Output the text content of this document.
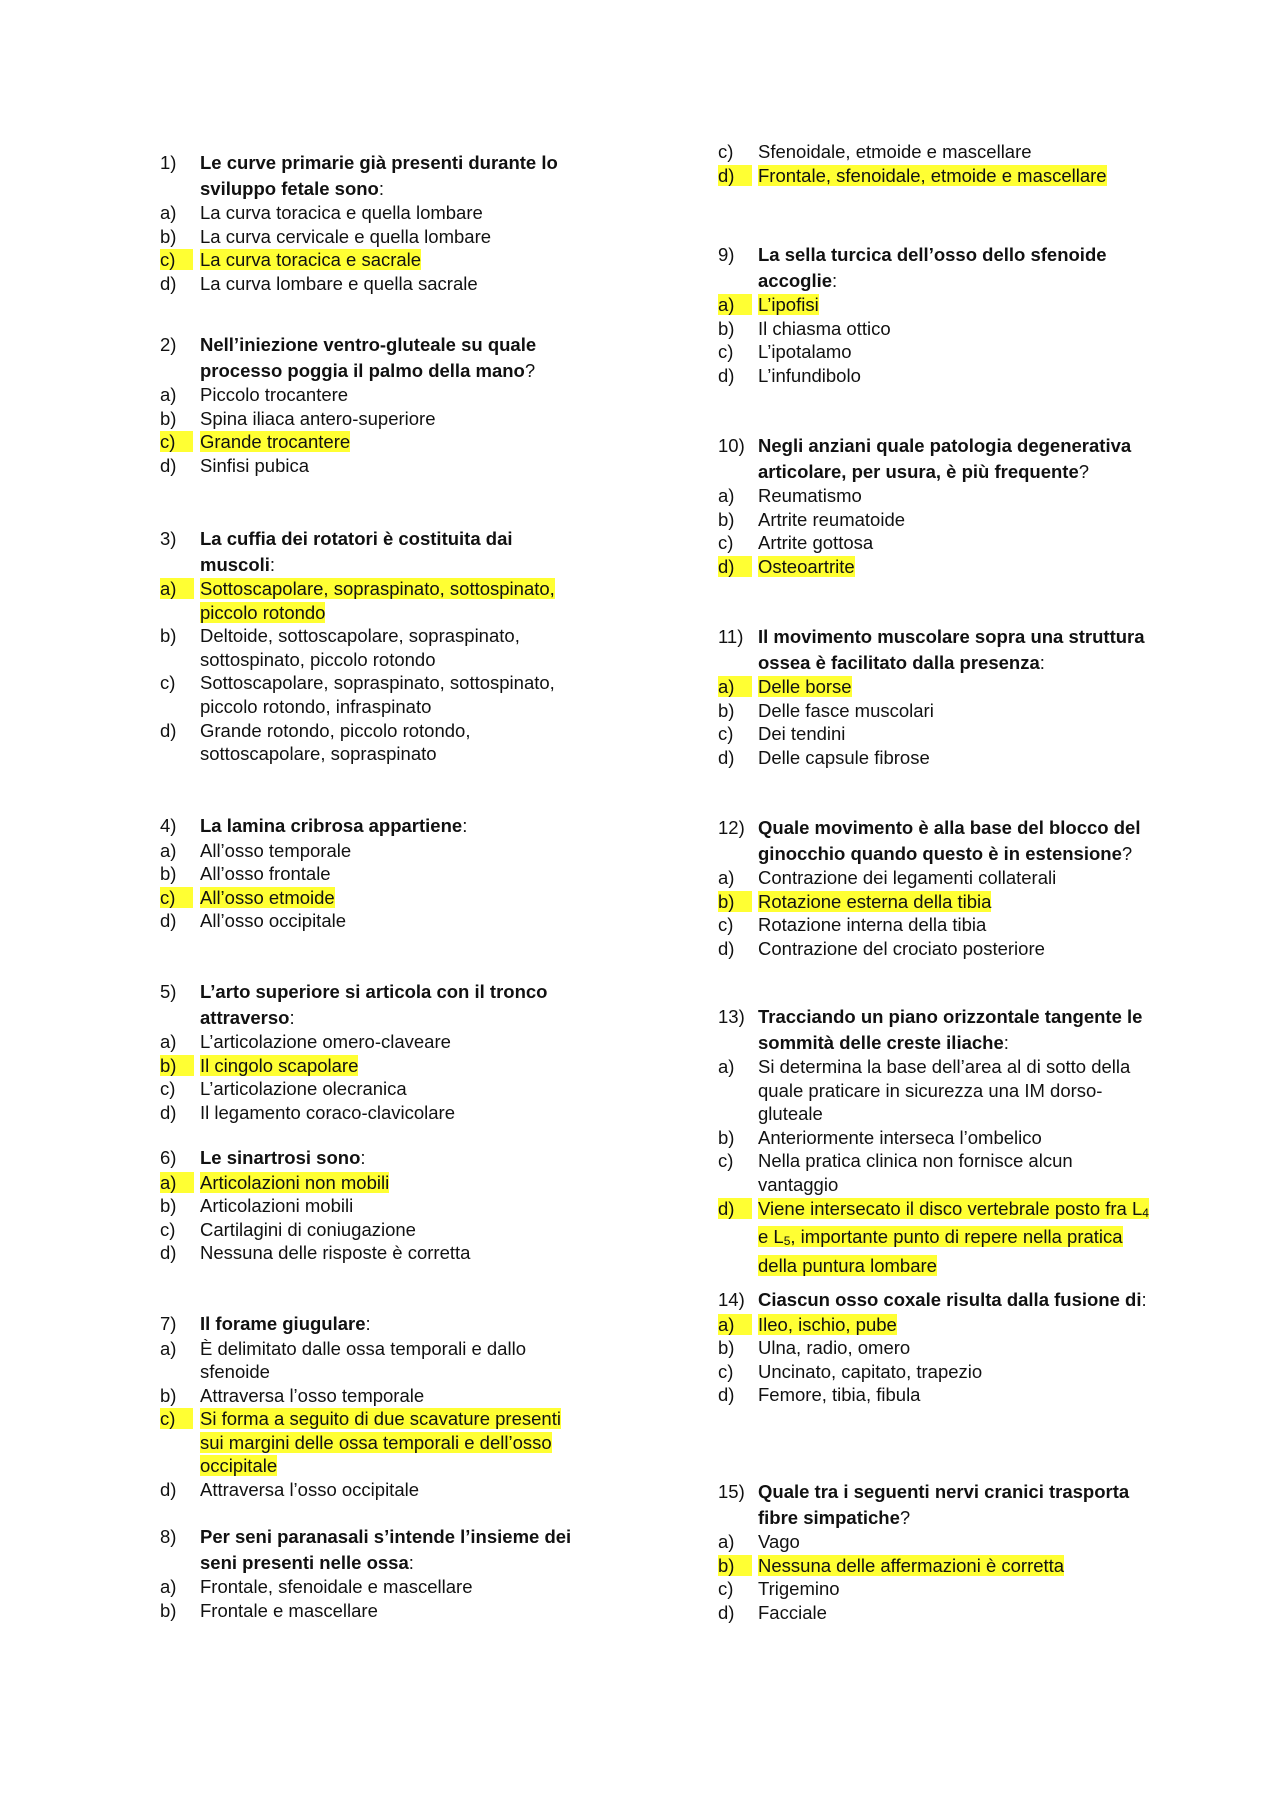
1)	Le curve primarie già presenti durante lo sviluppo fetale sono:
a)	La curva toracica e quella lombare
b)	La curva cervicale e quella lombare
c)	La curva toracica e sacrale
d)	La curva lombare e quella sacrale
2)	Nell’iniezione ventro-gluteale su quale processo poggia il palmo della mano?
a)	Piccolo trocantere
b)	Spina iliaca antero-superiore
c)	Grande trocantere
d)	Sinfisi pubica
3)	La cuffia dei rotatori è costituita dai muscoli:
a)	Sottoscapolare, sopraspinato, sottospinato, piccolo rotondo
b)	Deltoide, sottoscapolare, sopraspinato, sottospinato, piccolo rotondo
c)	Sottoscapolare, sopraspinato, sottospinato, piccolo rotondo, infraspinato
d)	Grande rotondo, piccolo rotondo, sottoscapolare, sopraspinato
4)	La lamina cribrosa appartiene:
a)	All’osso temporale
b)	All’osso frontale
c)	All’osso etmoide
d)	All’osso occipitale
5)	L’arto superiore si articola con il tronco attraverso:
a)	L’articolazione omero-claveare
b)	Il cingolo scapolare
c)	L’articolazione olecranica
d)	Il legamento coraco-clavicolare
6)	Le sinartrosi sono:
a)	Articolazioni non mobili
b)	Articolazioni mobili
c)	Cartilagini di coniugazione
d)	Nessuna delle risposte è corretta
7)	Il forame giugulare:
a)	È delimitato dalle ossa temporali e dallo sfenoide
b)	Attraversa l’osso temporale
c)	Si forma a seguito di due scavature presenti sui margini delle ossa temporali e dell’osso occipitale
d)	Attraversa l’osso occipitale
8)	Per seni paranasali s’intende l’insieme dei seni presenti nelle ossa:
a)	Frontale, sfenoidale e mascellare
b)	Frontale e mascellare
c)	Sfenoidale, etmoide e mascellare
d)	Frontale, sfenoidale, etmoide e mascellare
9)	La sella turcica dell’osso dello sfenoide accoglie:
a)	L’ipofisi
b)	Il chiasma ottico
c)	L’ipotalamo
d)	L’infundibolo
10) Negli anziani quale patologia degenerativa articolare, per usura, è più frequente?
a)	Reumatismo
b)	Artrite reumatoide
c)	Artrite gottosa
d)	Osteoartrite
11) Il movimento muscolare sopra una struttura ossea è facilitato dalla presenza:
a)	Delle borse
b)	Delle fasce muscolari
c)	Dei tendini
d)	Delle capsule fibrose
12) Quale movimento è alla base del blocco del ginocchio quando questo è in estensione?
a)	Contrazione dei legamenti collaterali
b)	Rotazione esterna della tibia
c)	Rotazione interna della tibia
d)	Contrazione del crociato posteriore
13) Tracciando un piano orizzontale tangente le sommità delle creste iliache:
a)	Si determina la base dell’area al di sotto della quale praticare in sicurezza una IM dorso-gluteale
b)	Anteriormente interseca l’ombelico
c)	Nella pratica clinica non fornisce alcun vantaggio
d)	Viene intersecato il disco vertebrale posto fra $L_4$ e $L_5$, importante punto di repere nella pratica della puntura lombare
14) Ciascun osso coxale risulta dalla fusione di:
a)	Ileo, ischio, pube
b)	Ulna, radio, omero
c)	Uncinato, capitato, trapezio
d)	Femore, tibia, fibula
15) Quale tra i seguenti nervi cranici trasporta fibre simpatiche?
a)	Vago
b)	Nessuna delle affermazioni è corretta
c)	Trigemino
d)	Facciale
